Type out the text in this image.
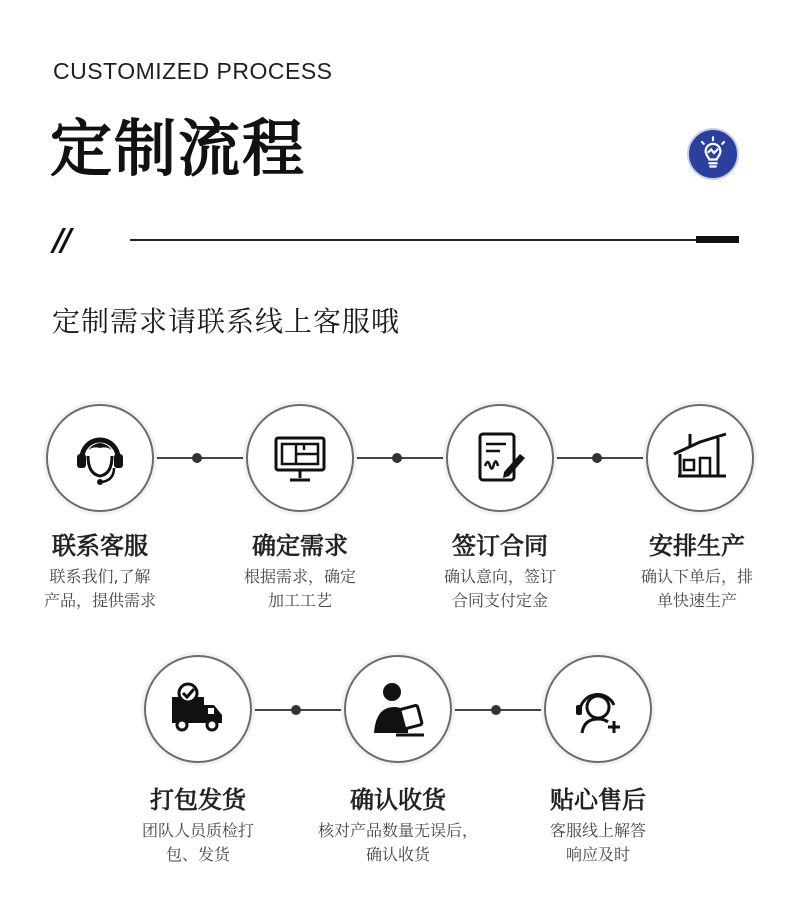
CUSTOMIZED PROCESS
定制流程
//
定制需求请联系线上客服哦
联系客服
联系我们,了解
产品，提供需求
确定需求
根据需求，确定
加工工艺
签订合同
确认意向，签订
合同支付定金
安排生产
确认下单后，排
单快速生产
打包发货
团队人员质检打
包、发货
确认收货
核对产品数量无误后，
确认收货
贴心售后
客服线上解答
响应及时
